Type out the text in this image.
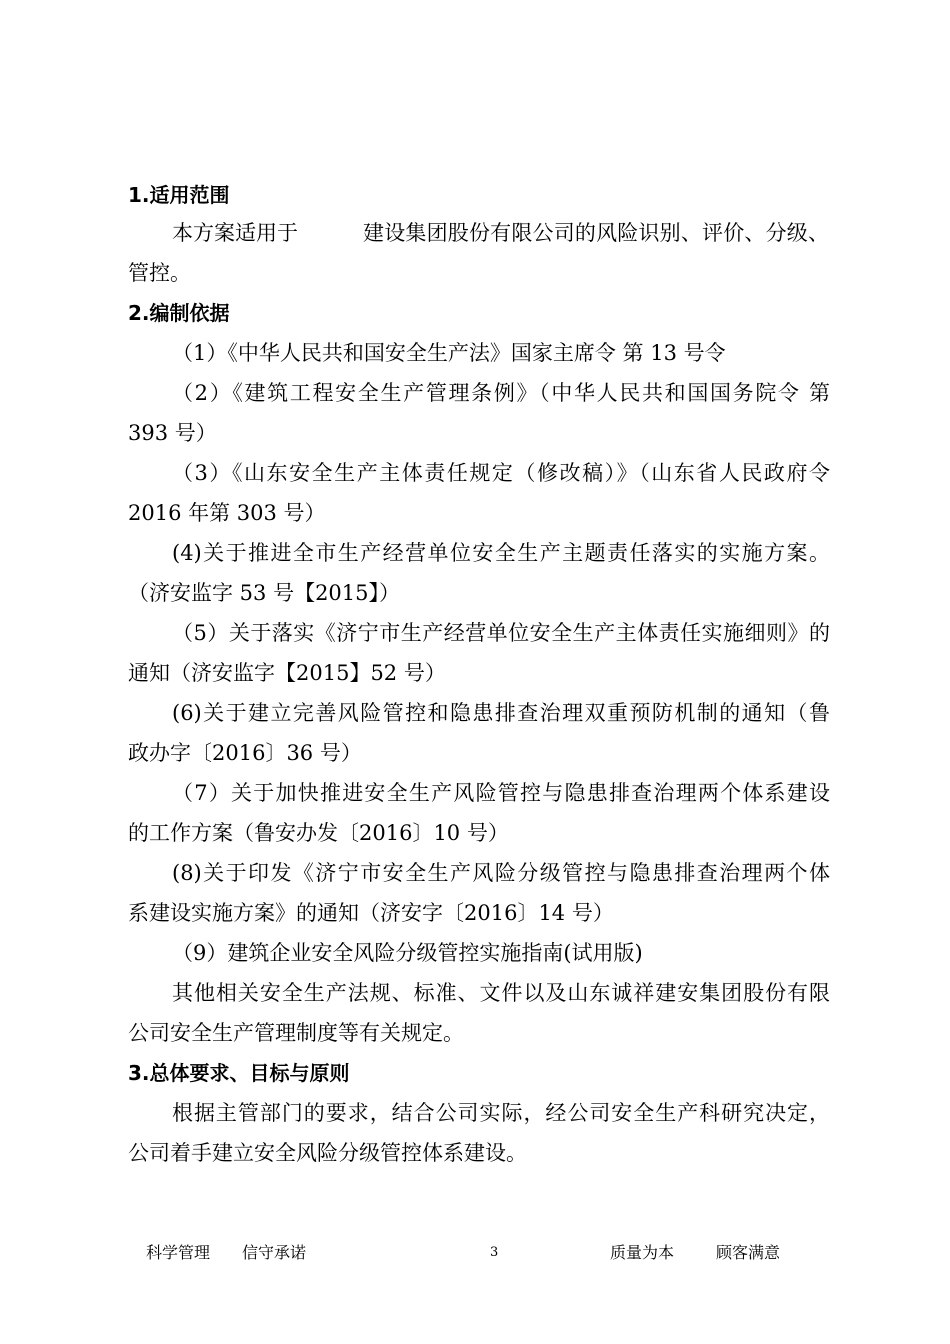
1.适用范围
本方案适用于	建设集团股份有限公司的风险识别、评价、分级、
管控。
2.编制依据
（1）《中华人民共和国安全生产法》国家主席令 第 13 号令
（2）《建筑工程安全生产管理条例》（中华人民共和国国务院令 第
393 号）
（3）《山东安全生产主体责任规定（修改稿）》（山东省人民政府令
2016 年第 303 号）
(4)关于推进全市生产经营单位安全生产主题责任落实的实施方案。
（济安监字 53 号【2015】）
（5）关于落实《济宁市生产经营单位安全生产主体责任实施细则》的
通知（济安监字【2015】52 号）
(6)关于建立完善风险管控和隐患排查治理双重预防机制的通知（鲁
政办字〔2016〕36 号）
（7）关于加快推进安全生产风险管控与隐患排查治理两个体系建设
的工作方案（鲁安办发〔2016〕10 号）
(8)关于印发《济宁市安全生产风险分级管控与隐患排查治理两个体
系建设实施方案》的通知（济安字〔2016〕14 号）
（9）建筑企业安全风险分级管控实施指南(试用版)
其他相关安全生产法规、标准、文件以及山东诚祥建安集团股份有限
公司安全生产管理制度等有关规定。
3.总体要求、目标与原则
根据主管部门的要求，结合公司实际，经公司安全生产科研究决定，
公司着手建立安全风险分级管控体系建设。
科学管理 信守承诺	3	质量为本	顾客满意
